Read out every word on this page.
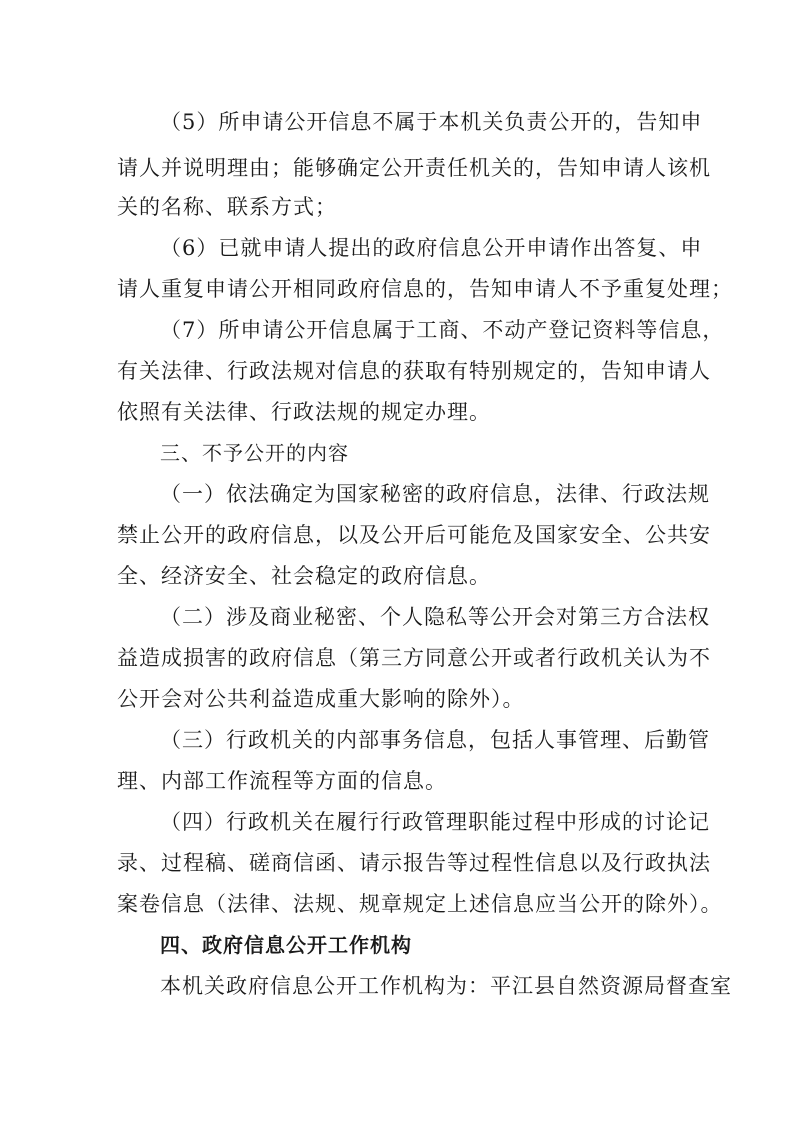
（5）所申请公开信息不属于本机关负责公开的，告知申
请人并说明理由；能够确定公开责任机关的，告知申请人该机
关的名称、联系方式；
（6）已就申请人提出的政府信息公开申请作出答复、申
请人重复申请公开相同政府信息的，告知申请人不予重复处理；
（7）所申请公开信息属于工商、不动产登记资料等信息，
有关法律、行政法规对信息的获取有特别规定的，告知申请人
依照有关法律、行政法规的规定办理。
三、不予公开的内容
（一）依法确定为国家秘密的政府信息，法律、行政法规
禁止公开的政府信息，以及公开后可能危及国家安全、公共安
全、经济安全、社会稳定的政府信息。
（二）涉及商业秘密、个人隐私等公开会对第三方合法权
益造成损害的政府信息（第三方同意公开或者行政机关认为不
公开会对公共利益造成重大影响的除外）。
（三）行政机关的内部事务信息，包括人事管理、后勤管
理、内部工作流程等方面的信息。
（四）行政机关在履行行政管理职能过程中形成的讨论记
录、过程稿、磋商信函、请示报告等过程性信息以及行政执法
案卷信息（法律、法规、规章规定上述信息应当公开的除外）。
四、政府信息公开工作机构
本机关政府信息公开工作机构为：平江县自然资源局督查室
